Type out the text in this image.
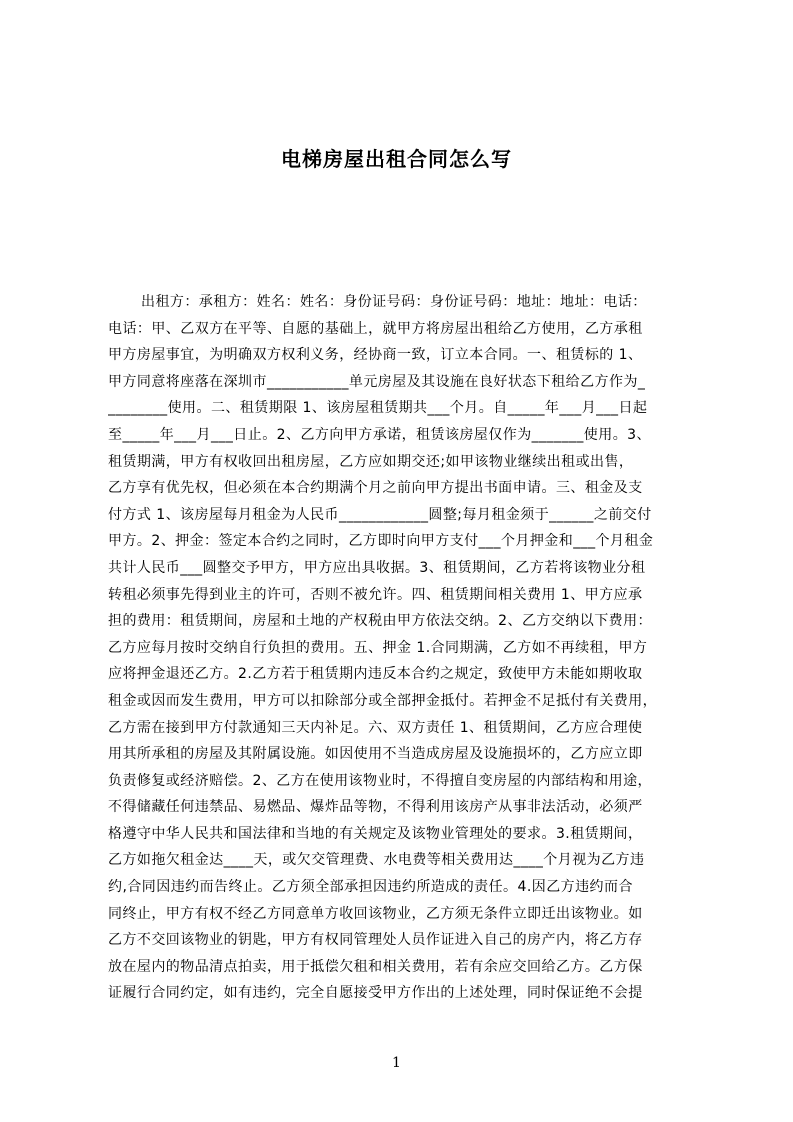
电梯房屋出租合同怎么写
出租方：承租方：姓名：姓名：身份证号码：身份证号码：地址：地址：电话：
电话：甲、乙双方在平等、自愿的基础上，就甲方将房屋出租给乙方使用，乙方承租
甲方房屋事宜，为明确双方权利义务，经协商一致，订立本合同。一、租赁标的 1、
甲方同意将座落在深圳市___________单元房屋及其设施在良好状态下租给乙方作为_
________使用。二、租赁期限 1、该房屋租赁期共___个月。自_____年___月___日起
至_____年___月___日止。2、乙方向甲方承诺，租赁该房屋仅作为_______使用。3、
租赁期满，甲方有权收回出租房屋，乙方应如期交还;如甲该物业继续出租或出售，
乙方享有优先权，但必须在本合约期满个月之前向甲方提出书面申请。三、租金及支
付方式 1、该房屋每月租金为人民币____________圆整;每月租金须于______之前交付
甲方。2、押金：签定本合约之同时，乙方即时向甲方支付___个月押金和___个月租金
共计人民币___圆整交予甲方，甲方应出具收据。3、租赁期间，乙方若将该物业分租
转租必须事先得到业主的许可，否则不被允许。四、租赁期间相关费用 1、甲方应承
担的费用：租赁期间，房屋和土地的产权税由甲方依法交纳。2、乙方交纳以下费用：
乙方应每月按时交纳自行负担的费用。五、押金 1.合同期满，乙方如不再续租，甲方
应将押金退还乙方。2.乙方若于租赁期内违反本合约之规定，致使甲方未能如期收取
租金或因而发生费用，甲方可以扣除部分或全部押金抵付。若押金不足抵付有关费用，
乙方需在接到甲方付款通知三天内补足。六、双方责任 1、租赁期间，乙方应合理使
用其所承租的房屋及其附属设施。如因使用不当造成房屋及设施损坏的，乙方应立即
负责修复或经济赔偿。2、乙方在使用该物业时，不得擅自变房屋的内部结构和用途，
不得储藏任何违禁品、易燃品、爆炸品等物，不得利用该房产从事非法活动，必须严
格遵守中华人民共和国法律和当地的有关规定及该物业管理处的要求。3.租赁期间，
乙方如拖欠租金达____天，或欠交管理费、水电费等相关费用达____个月视为乙方违
约,合同因违约而告终止。乙方须全部承担因违约所造成的责任。4.因乙方违约而合
同终止，甲方有权不经乙方同意单方收回该物业，乙方须无条件立即迁出该物业。如
乙方不交回该物业的钥匙，甲方有权同管理处人员作证进入自己的房产内，将乙方存
放在屋内的物品清点拍卖，用于抵偿欠租和相关费用，若有余应交回给乙方。乙方保
证履行合同约定，如有违约，完全自愿接受甲方作出的上述处理，同时保证绝不会提
1
